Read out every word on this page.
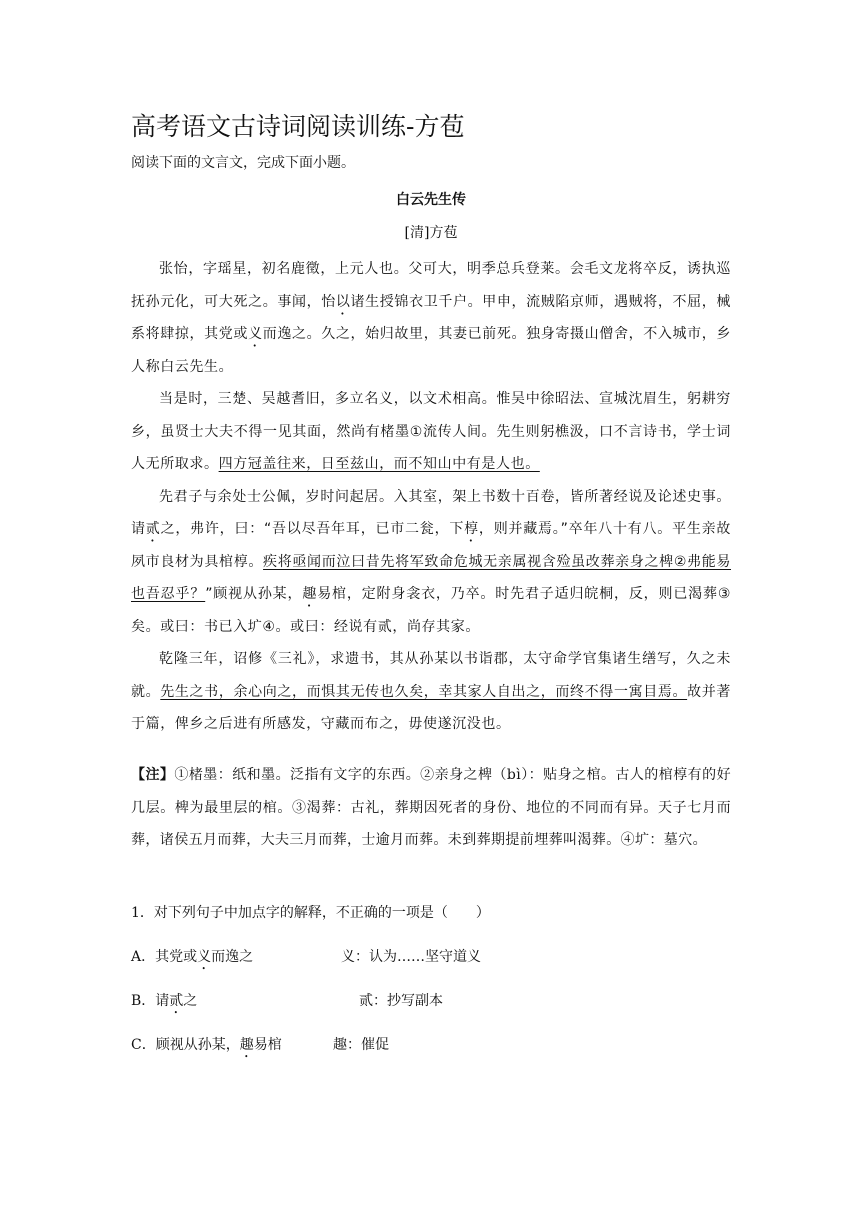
高考语文古诗词阅读训练-方苞
阅读下面的文言文，完成下面小题。
白云先生传
[清]方苞

张怡，字瑶星，初名鹿徵，上元人也。父可大，明季总兵登莱。会毛文龙将卒反，诱执巡抚孙元化，可大死之。事闻，怡以诸生授锦衣卫千户。甲申，流贼陷京师，遇贼将，不屈，械系将肆掠，其党或义而逸之。久之，始归故里，其妻已前死。独身寄摄山僧舍，不入城市，乡人称白云先生。

当是时，三楚、吴越耆旧，多立名义，以文术相高。惟吴中徐昭法、宣城沈眉生，躬耕穷乡，虽贤士大夫不得一见其面，然尚有楮墨①流传人间。先生则躬樵汲，口不言诗书，学士词人无所取求。四方冠盖往来，日至兹山，而不知山中有是人也。

先君子与余处士公佩，岁时问起居。入其室，架上书数十百卷，皆所著经说及论述史事。请贰之，弗许，曰：“吾以尽吾年耳，已市二瓮，下椁，则并藏焉。”卒年八十有八。平生亲故夙市良材为具棺椁。疾将亟闻而泣曰昔先将军致命危城无亲属视含殓虽改葬亲身之椑②弗能易也吾忍乎？”顾视从孙某，趣易棺，定附身衾衣，乃卒。时先君子适归皖桐，反，则已渴葬③矣。或曰：书已入圹④。或曰：经说有贰，尚存其家。

乾隆三年，诏修《三礼》，求遗书，其从孙某以书诣郡，太守命学官集诸生缮写，久之未就。先生之书，余心向之，而惧其无传也久矣，幸其家人自出之，而终不得一寓目焉。故并著于篇，俾乡之后进有所感发，守藏而布之，毋使遂沉没也。

【注】①楮墨：纸和墨。泛指有文字的东西。②亲身之椑（bì）：贴身之棺。古人的棺椁有的好几层。椑为最里层的棺。③渴葬：古礼，葬期因死者的身份、地位的不同而有异。天子七月而葬，诸侯五月而葬，大夫三月而葬，士逾月而葬。未到葬期提前埋葬叫渴葬。④圹：墓穴。
1．对下列句子中加点字的解释，不正确的一项是（　　）
A．其党或义而逸之	义：认为……坚守道义
B．请贰之	贰：抄写副本
C．顾视从孙某，趣易棺	趣：催促
